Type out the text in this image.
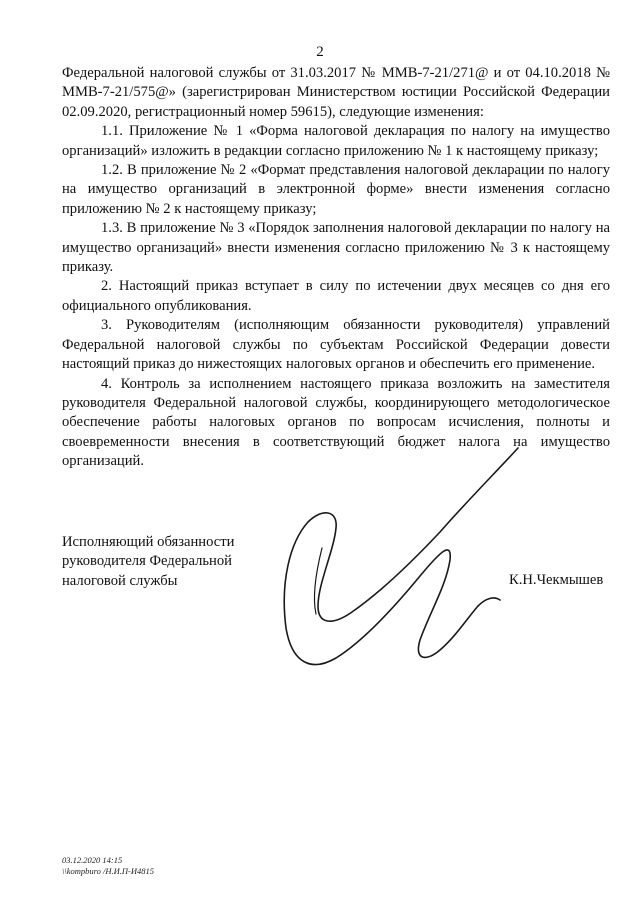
2

Федеральной налоговой службы от 31.03.2017 № ММВ-7-21/271@ и от 04.10.2018 № ММВ-7-21/575@» (зарегистрирован Министерством юстиции Российской Федерации 02.09.2020, регистрационный номер 59615), следующие изменения:

1.1. Приложение № 1 «Форма налоговой декларация по налогу на имущество организаций» изложить в редакции согласно приложению № 1 к настоящему приказу;

1.2. В приложение № 2 «Формат представления налоговой декларации по налогу на имущество организаций в электронной форме» внести изменения согласно приложению № 2 к настоящему приказу;

1.3. В приложение № 3 «Порядок заполнения налоговой декларации по налогу на имущество организаций» внести изменения согласно приложению № 3 к настоящему приказу.

2. Настоящий приказ вступает в силу по истечении двух месяцев со дня его официального опубликования.

3. Руководителям (исполняющим обязанности руководителя) управлений Федеральной налоговой службы по субъектам Российской Федерации довести настоящий приказ до нижестоящих налоговых органов и обеспечить его применение.

4. Контроль за исполнением настоящего приказа возложить на заместителя руководителя Федеральной налоговой службы, координирующего методологическое обеспечение работы налоговых органов по вопросам исчисления, полноты и своевременности внесения в соответствующий бюджет налога на имущество организаций.

Исполняющий обязанности
руководителя Федеральной
налоговой службы	К.Н.Чекмышев
03.12.2020 14:15
\\kompburo /Н.И.П-И4815
